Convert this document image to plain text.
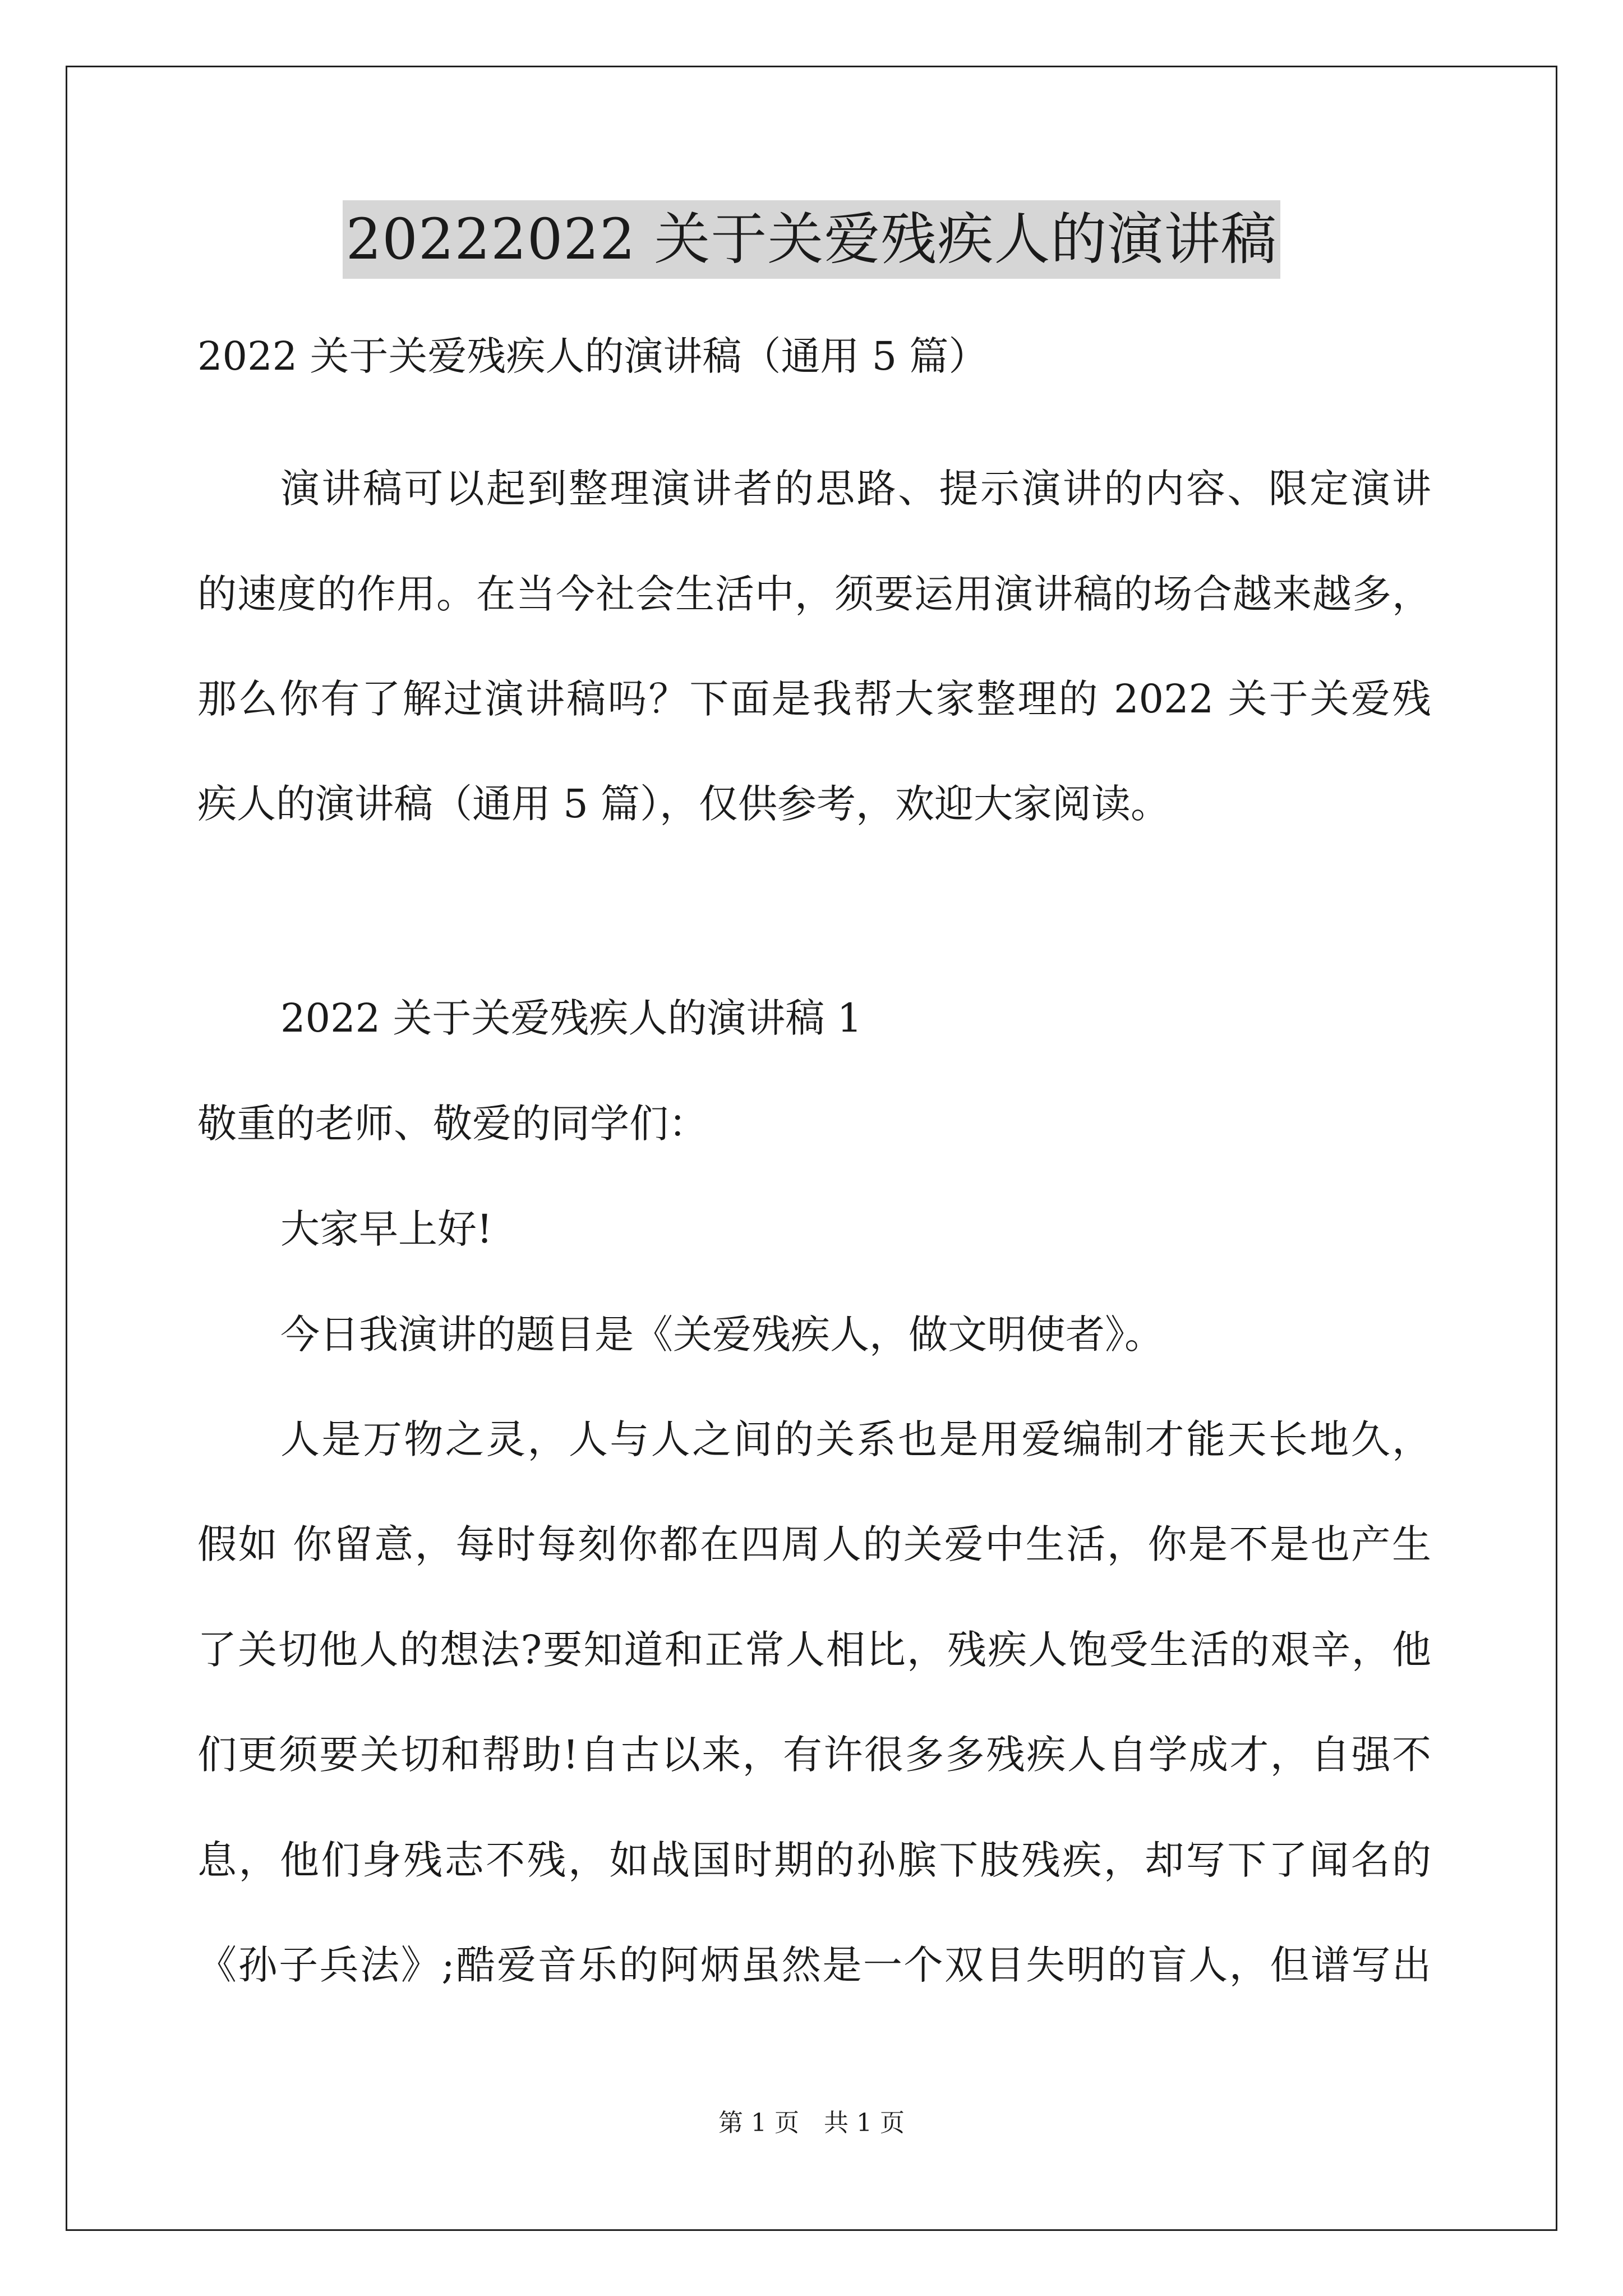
20222022 关于关爱残疾人的演讲稿
2022 关于关爱残疾人的演讲稿（通用 5 篇）
演讲稿可以起到整理演讲者的思路、提示演讲的内容、限定演讲
的速度的作用。在当今社会生活中，须要运用演讲稿的场合越来越多，
那么你有了解过演讲稿吗？下面是我帮大家整理的 2022 关于关爱残
疾人的演讲稿（通用 5 篇），仅供参考，欢迎大家阅读。
2022 关于关爱残疾人的演讲稿 1
敬重的老师、敬爱的同学们：
大家早上好!
今日我演讲的题目是《关爱残疾人，做文明使者》。
人是万物之灵，人与人之间的关系也是用爱编制才能天长地久，
假如 你留意，每时每刻你都在四周人的关爱中生活，你是不是也产生
了关切他人的想法?要知道和正常人相比，残疾人饱受生活的艰辛，他
们更须要关切和帮助!自古以来，有许很多多残疾人自学成才，自强不
息，他们身残志不残，如战国时期的孙膑下肢残疾，却写下了闻名的
《孙子兵法》;酷爱音乐的阿炳虽然是一个双目失明的盲人，但谱写出
第 1 页 共 1 页
